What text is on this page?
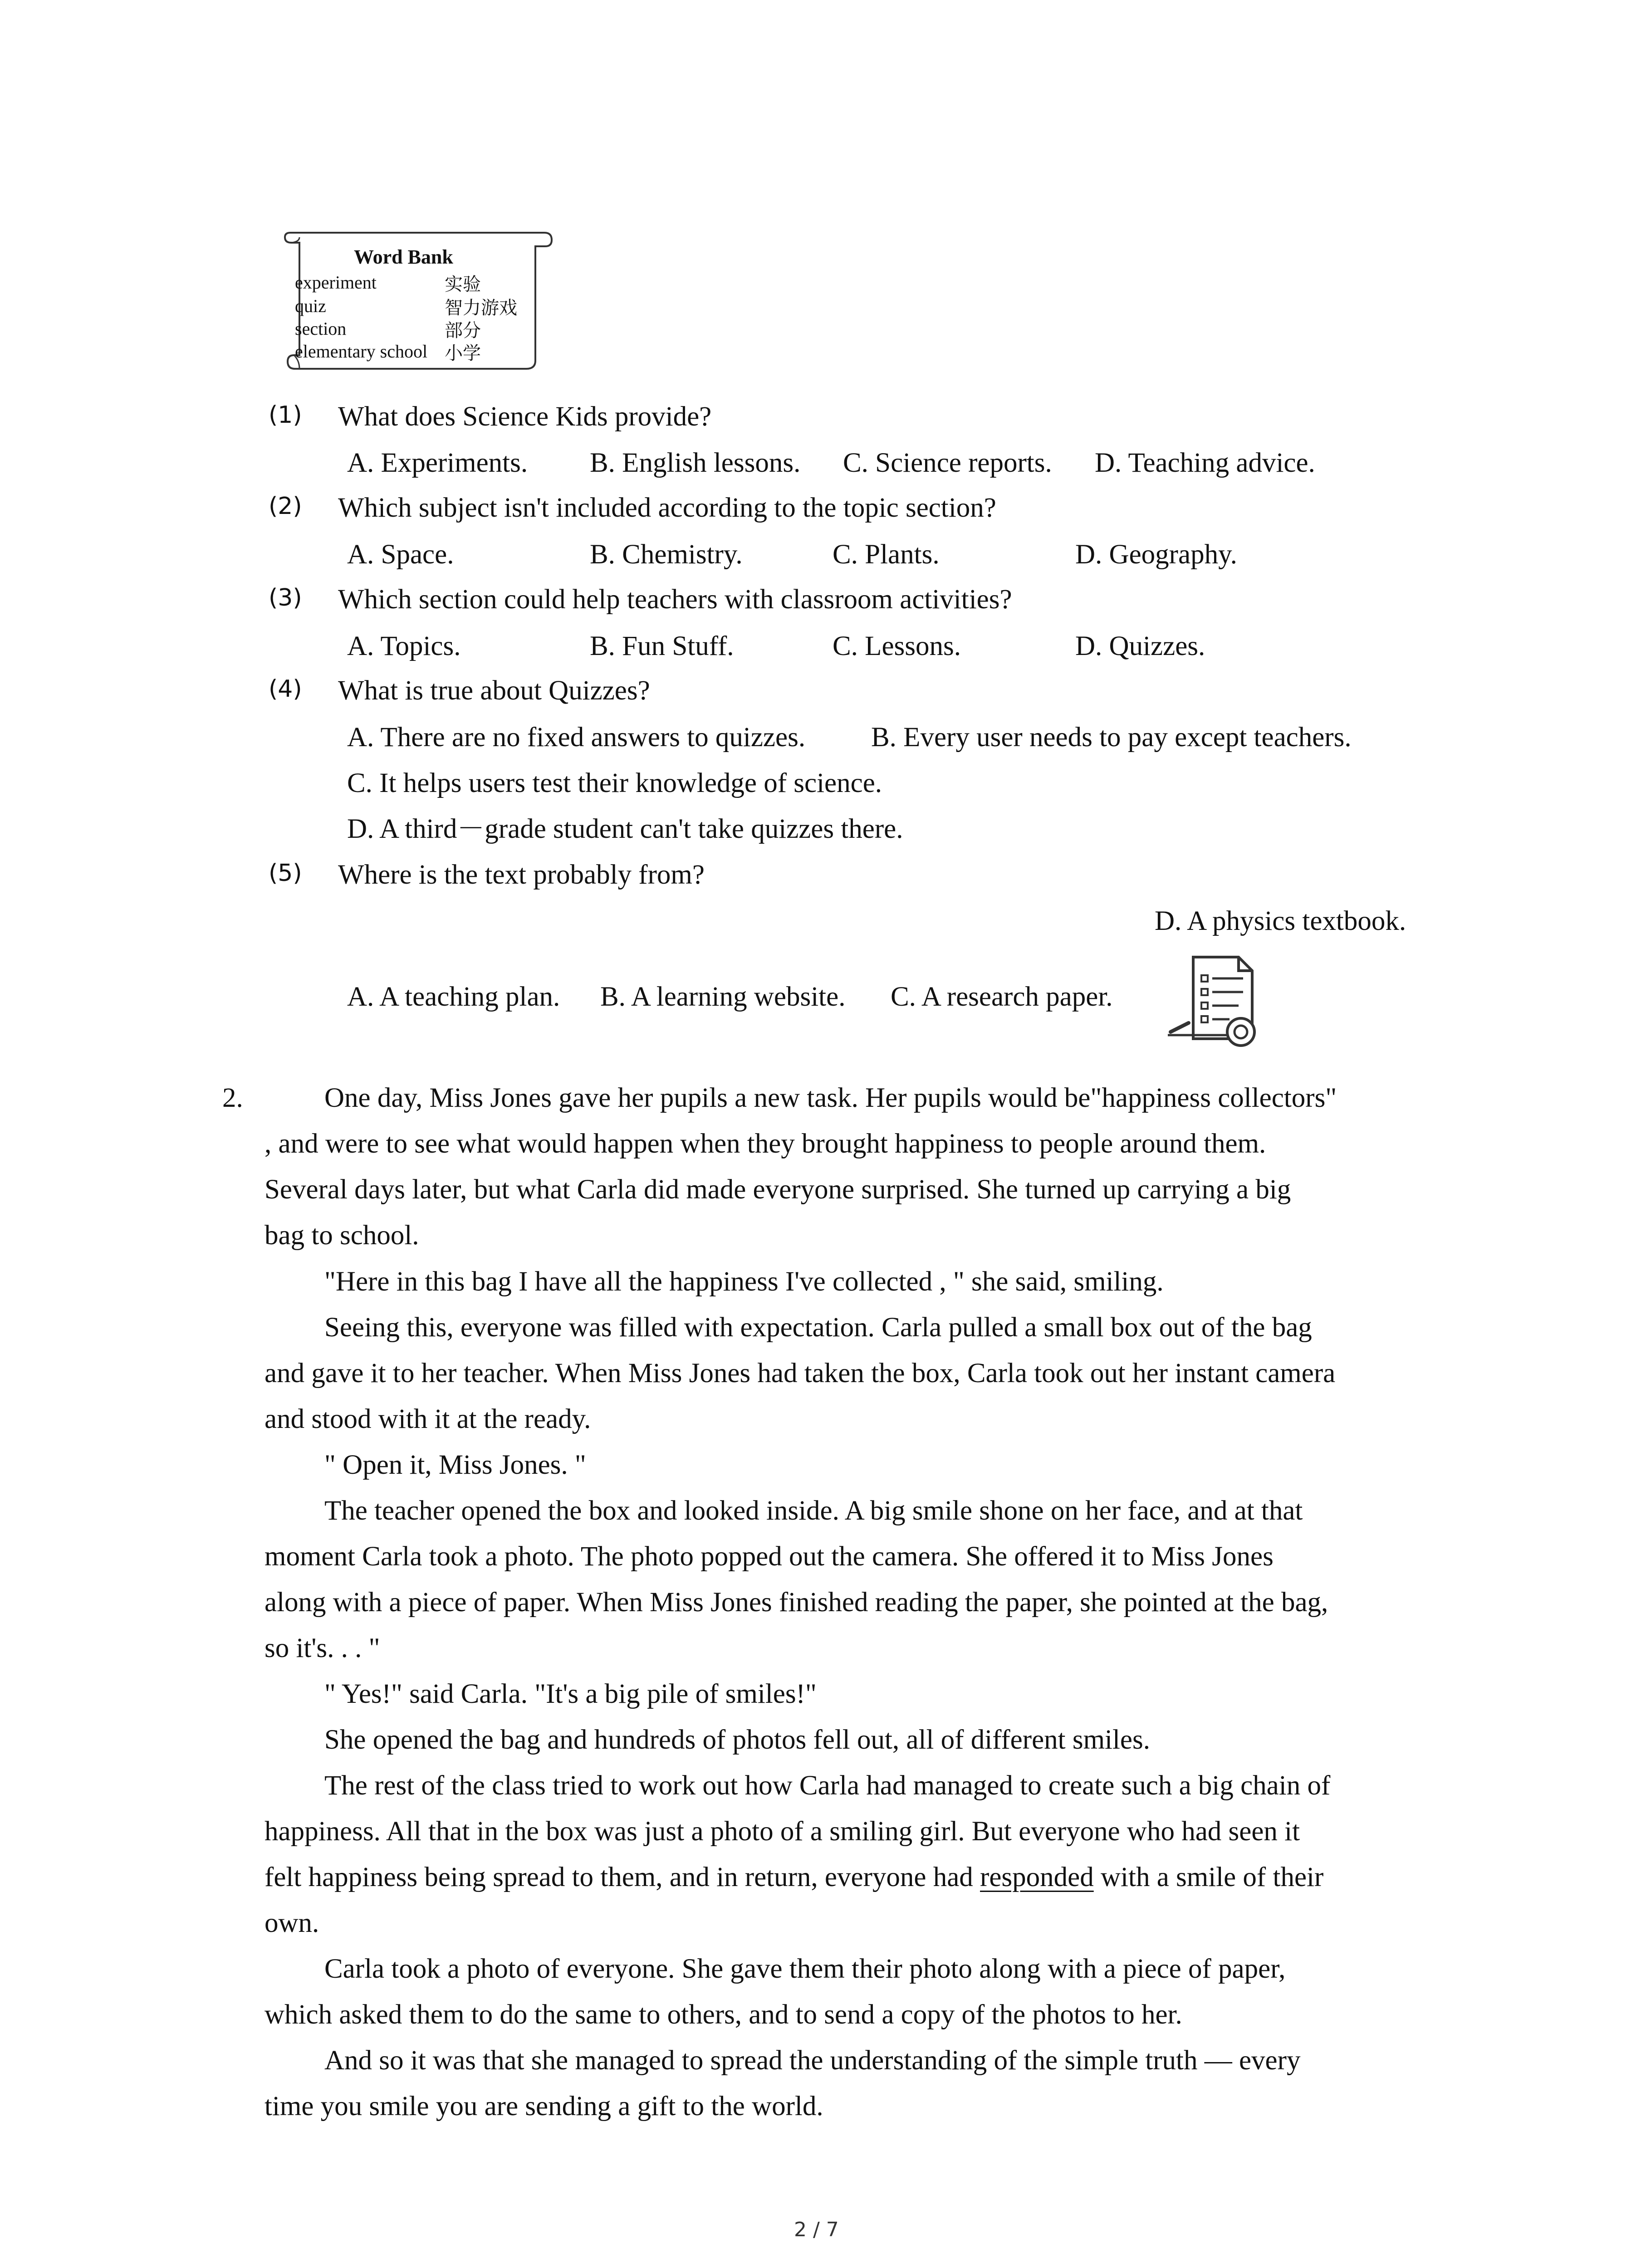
Word Bank
experiment	实验
quiz	智力游戏
section	部分
elementary school 小学
(1) What does Science Kids provide?
A. Experiments. B. English lessons. C. Science reports. D. Teaching advice.
(2) Which subject isn't included according to the topic section?
A. Space.	B. Chemistry.	C. Plants.	D. Geography.
(3) Which section could help teachers with classroom activities?
A. Topics.	B. Fun Stuff.	C. Lessons.	D. Quizzes.
(4) What is true about Quizzes?
A. There are no fixed answers to quizzes. B. Every user needs to pay except teachers.
C. It helps users test their knowledge of science.
D. A third－grade student can't take quizzes there.
(5) Where is the text probably from?
D. A physics textbook.
A. A teaching plan. B. A learning website. C. A research paper.
2.	One day, Miss Jones gave her pupils a new task. Her pupils would be"happiness collectors"
, and were to see what would happen when they brought happiness to people around them.
Several days later, but what Carla did made everyone surprised. She turned up carrying a big
bag to school.
"Here in this bag I have all the happiness I've collected , " she said, smiling.
Seeing this, everyone was filled with expectation. Carla pulled a small box out of the bag
and gave it to her teacher. When Miss Jones had taken the box, Carla took out her instant camera
and stood with it at the ready.
" Open it, Miss Jones. "
The teacher opened the box and looked inside. A big smile shone on her face, and at that
moment Carla took a photo. The photo popped out the camera. She offered it to Miss Jones
along with a piece of paper. When Miss Jones finished reading the paper, she pointed at the bag,
so it's. . . "
" Yes!" said Carla. "It's a big pile of smiles!"
She opened the bag and hundreds of photos fell out, all of different smiles.
The rest of the class tried to work out how Carla had managed to create such a big chain of
happiness. All that in the box was just a photo of a smiling girl. But everyone who had seen it
felt happiness being spread to them, and in return, everyone had responded with a smile of their
own.
Carla took a photo of everyone. She gave them their photo along with a piece of paper,
which asked them to do the same to others, and to send a copy of the photos to her.
And so it was that she managed to spread the understanding of the simple truth — every
time you smile you are sending a gift to the world.
2 / 7
